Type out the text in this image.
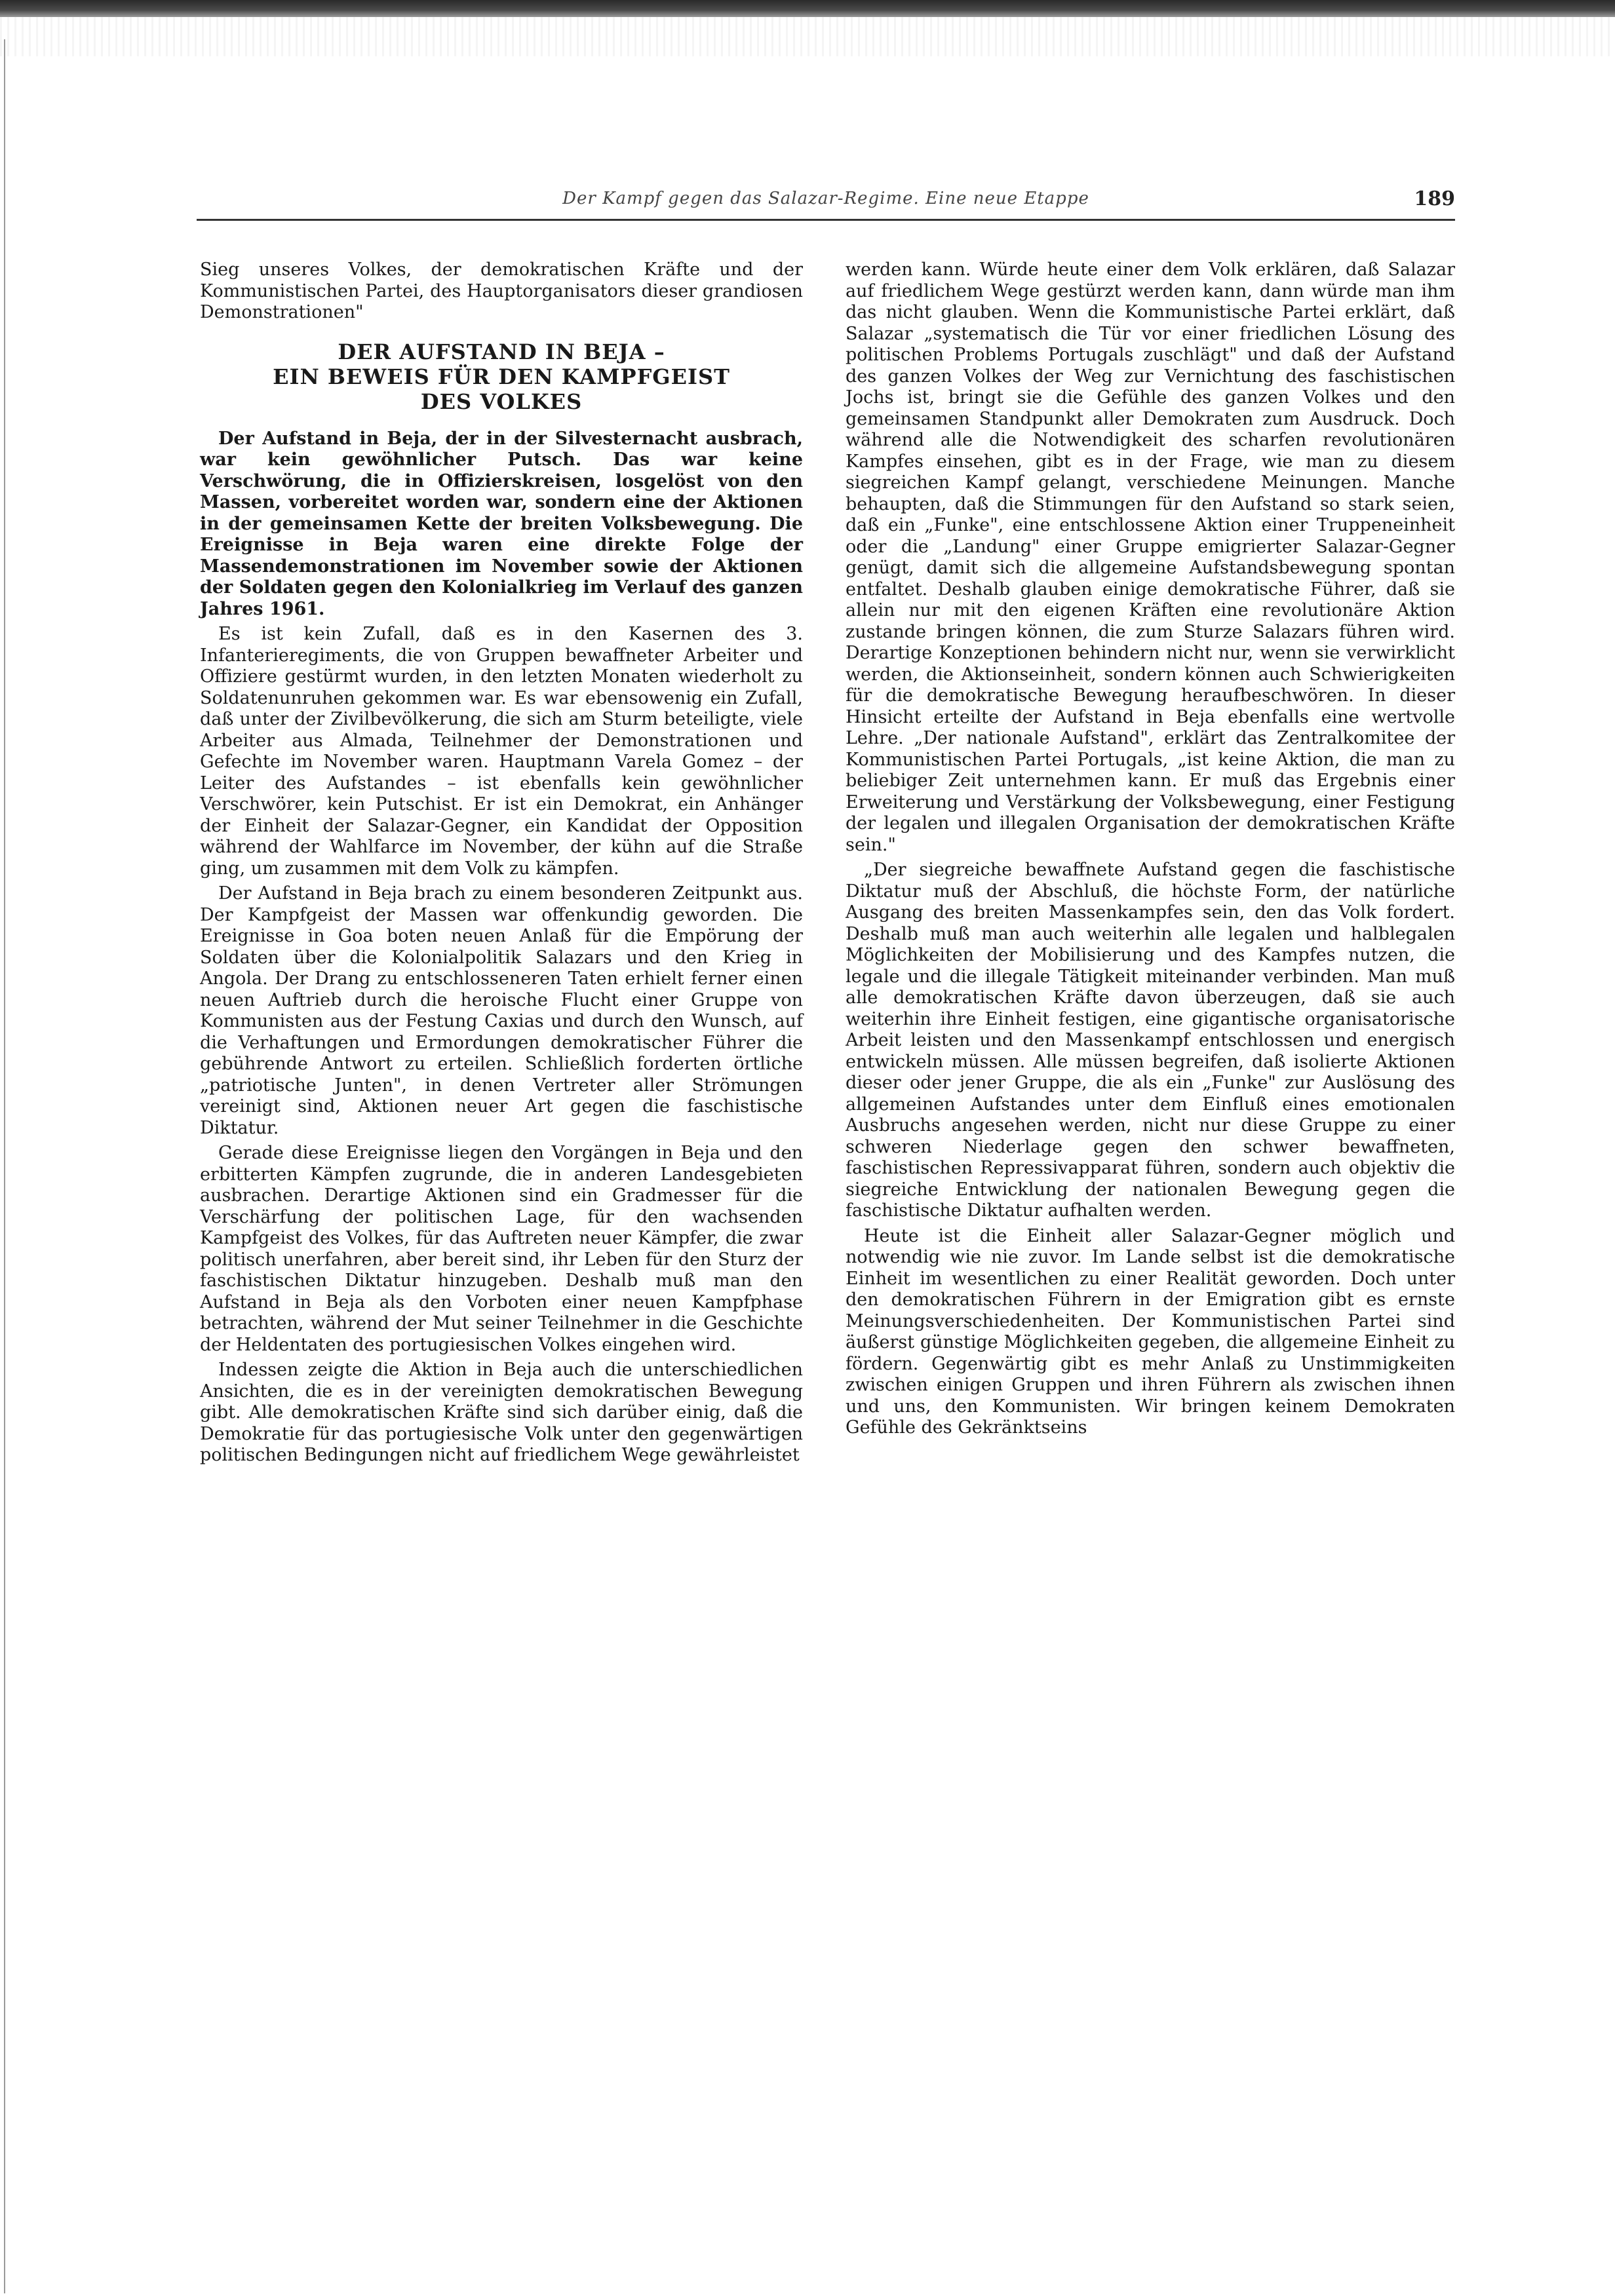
Der Kampf gegen das Salazar-Regime. Eine neue Etappe	189

Sieg unseres Volkes, der demokratischen Kräfte und der Kommunistischen Partei, des Hauptorganisators dieser grandiosen Demonstrationen"

DER AUFSTAND IN BEJA –
EIN BEWEIS FÜR DEN KAMPFGEIST
DES VOLKES

Der Aufstand in Beja, der in der Silvesternacht ausbrach, war kein gewöhnlicher Putsch. Das war keine Verschwörung, die in Offizierskreisen, losgelöst von den Massen, vorbereitet worden war, sondern eine der Aktionen in der gemeinsamen Kette der breiten Volksbewegung. Die Ereignisse in Beja waren eine direkte Folge der Massendemonstrationen im November sowie der Aktionen der Soldaten gegen den Kolonialkrieg im Verlauf des ganzen Jahres 1961.

Es ist kein Zufall, daß es in den Kasernen des 3. Infanterieregiments, die von Gruppen bewaffneter Arbeiter und Offiziere gestürmt wurden, in den letzten Monaten wiederholt zu Soldatenunruhen gekommen war. Es war ebensowenig ein Zufall, daß unter der Zivilbevölkerung, die sich am Sturm beteiligte, viele Arbeiter aus Almada, Teilnehmer der Demonstrationen und Gefechte im November waren. Hauptmann Varela Gomez – der Leiter des Aufstandes – ist ebenfalls kein gewöhnlicher Verschwörer, kein Putschist. Er ist ein Demokrat, ein Anhänger der Einheit der Salazar-Gegner, ein Kandidat der Opposition während der Wahlfarce im November, der kühn auf die Straße ging, um zusammen mit dem Volk zu kämpfen.

Der Aufstand in Beja brach zu einem besonderen Zeitpunkt aus. Der Kampfgeist der Massen war offenkundig geworden. Die Ereignisse in Goa boten neuen Anlaß für die Empörung der Soldaten über die Kolonialpolitik Salazars und den Krieg in Angola. Der Drang zu entschlosseneren Taten erhielt ferner einen neuen Auftrieb durch die heroische Flucht einer Gruppe von Kommunisten aus der Festung Caxias und durch den Wunsch, auf die Verhaftungen und Ermordungen demokratischer Führer die gebührende Antwort zu erteilen. Schließlich forderten örtliche „patriotische Junten", in denen Vertreter aller Strömungen vereinigt sind, Aktionen neuer Art gegen die faschistische Diktatur.

Gerade diese Ereignisse liegen den Vorgängen in Beja und den erbitterten Kämpfen zugrunde, die in anderen Landesgebieten ausbrachen. Derartige Aktionen sind ein Gradmesser für die Verschärfung der politischen Lage, für den wachsenden Kampfgeist des Volkes, für das Auftreten neuer Kämpfer, die zwar politisch unerfahren, aber bereit sind, ihr Leben für den Sturz der faschistischen Diktatur hinzugeben. Deshalb muß man den Aufstand in Beja als den Vorboten einer neuen Kampfphase betrachten, während der Mut seiner Teilnehmer in die Geschichte der Heldentaten des portugiesischen Volkes eingehen wird.

Indessen zeigte die Aktion in Beja auch die unterschiedlichen Ansichten, die es in der vereinigten demokratischen Bewegung gibt. Alle demokratischen Kräfte sind sich darüber einig, daß die Demokratie für das portugiesische Volk unter den gegenwärtigen politischen Bedingungen nicht auf friedlichem Wege gewährleistet

werden kann. Würde heute einer dem Volk erklären, daß Salazar auf friedlichem Wege gestürzt werden kann, dann würde man ihm das nicht glauben. Wenn die Kommunistische Partei erklärt, daß Salazar „systematisch die Tür vor einer friedlichen Lösung des politischen Problems Portugals zuschlägt" und daß der Aufstand des ganzen Volkes der Weg zur Vernichtung des faschistischen Jochs ist, bringt sie die Gefühle des ganzen Volkes und den gemeinsamen Standpunkt aller Demokraten zum Ausdruck. Doch während alle die Notwendigkeit des scharfen revolutionären Kampfes einsehen, gibt es in der Frage, wie man zu diesem siegreichen Kampf gelangt, verschiedene Meinungen. Manche behaupten, daß die Stimmungen für den Aufstand so stark seien, daß ein „Funke", eine entschlossene Aktion einer Truppeneinheit oder die „Landung" einer Gruppe emigrierter Salazar-Gegner genügt, damit sich die allgemeine Aufstandsbewegung spontan entfaltet. Deshalb glauben einige demokratische Führer, daß sie allein nur mit den eigenen Kräften eine revolutionäre Aktion zustande bringen können, die zum Sturze Salazars führen wird. Derartige Konzeptionen behindern nicht nur, wenn sie verwirklicht werden, die Aktionseinheit, sondern können auch Schwierigkeiten für die demokratische Bewegung heraufbeschwören. In dieser Hinsicht erteilte der Aufstand in Beja ebenfalls eine wertvolle Lehre. „Der nationale Aufstand", erklärt das Zentralkomitee der Kommunistischen Partei Portugals, „ist keine Aktion, die man zu beliebiger Zeit unternehmen kann. Er muß das Ergebnis einer Erweiterung und Verstärkung der Volksbewegung, einer Festigung der legalen und illegalen Organisation der demokratischen Kräfte sein."

„Der siegreiche bewaffnete Aufstand gegen die faschistische Diktatur muß der Abschluß, die höchste Form, der natürliche Ausgang des breiten Massenkampfes sein, den das Volk fordert. Deshalb muß man auch weiterhin alle legalen und halblegalen Möglichkeiten der Mobilisierung und des Kampfes nutzen, die legale und die illegale Tätigkeit miteinander verbinden. Man muß alle demokratischen Kräfte davon überzeugen, daß sie auch weiterhin ihre Einheit festigen, eine gigantische organisatorische Arbeit leisten und den Massenkampf entschlossen und energisch entwickeln müssen. Alle müssen begreifen, daß isolierte Aktionen dieser oder jener Gruppe, die als ein „Funke" zur Auslösung des allgemeinen Aufstandes unter dem Einfluß eines emotionalen Ausbruchs angesehen werden, nicht nur diese Gruppe zu einer schweren Niederlage gegen den schwer bewaffneten, faschistischen Repressivapparat führen, sondern auch objektiv die siegreiche Entwicklung der nationalen Bewegung gegen die faschistische Diktatur aufhalten werden.

Heute ist die Einheit aller Salazar-Gegner möglich und notwendig wie nie zuvor. Im Lande selbst ist die demokratische Einheit im wesentlichen zu einer Realität geworden. Doch unter den demokratischen Führern in der Emigration gibt es ernste Meinungsverschiedenheiten. Der Kommunistischen Partei sind äußerst günstige Möglichkeiten gegeben, die allgemeine Einheit zu fördern. Gegenwärtig gibt es mehr Anlaß zu Unstimmigkeiten zwischen einigen Gruppen und ihren Führern als zwischen ihnen und uns, den Kommunisten. Wir bringen keinem Demokraten Gefühle des Gekränktseins
